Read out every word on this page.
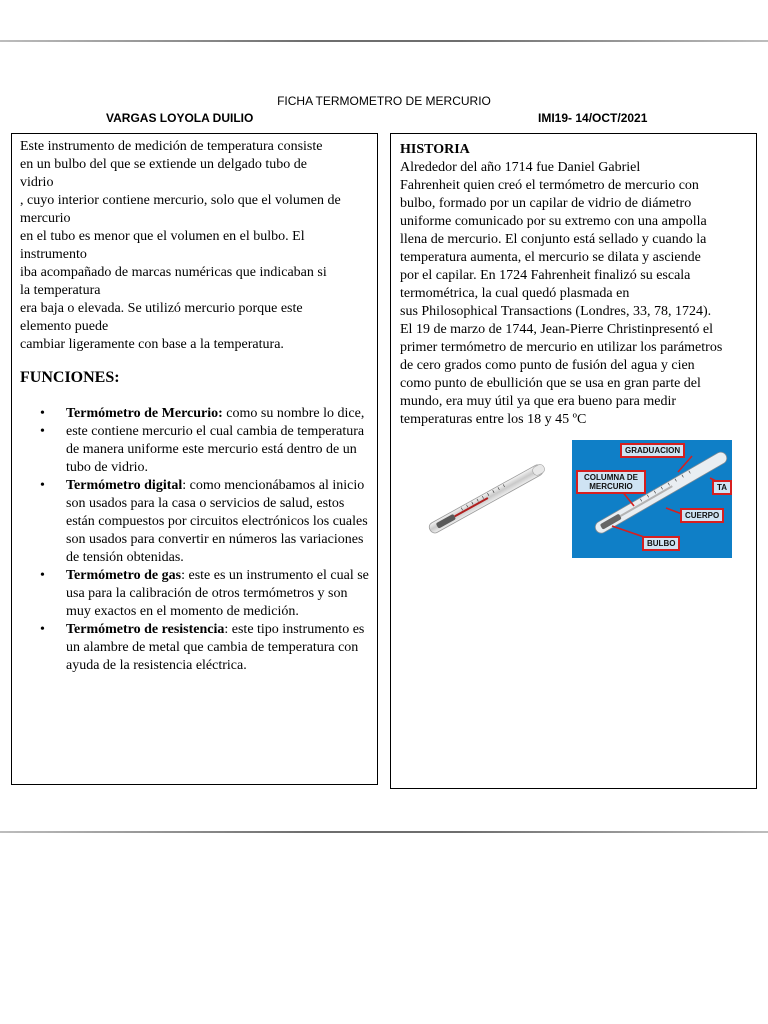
FICHA TERMOMETRO DE MERCURIO
VARGAS LOYOLA DUILIO	IMI19- 14/OCT/2021
Este instrumento de medición de temperatura consiste
en un bulbo del que se extiende un delgado tubo de
vidrio
, cuyo interior contiene mercurio, solo que el volumen de
mercurio
en el tubo es menor que el volumen en el bulbo. El
instrumento
iba acompañado de marcas numéricas que indicaban si
la temperatura
era baja o elevada. Se utilizó mercurio porque este
elemento puede
cambiar ligeramente con base a la temperatura.
FUNCIONES:
• Termómetro de Mercurio: como su nombre lo dice,
• este contiene mercurio el cual cambia de temperatura de manera uniforme este mercurio está dentro de un tubo de vidrio.
• Termómetro digital: como mencionábamos al inicio son usados para la casa o servicios de salud, estos están compuestos por circuitos electrónicos los cuales son usados para convertir en números las variaciones de tensión obtenidas.
• Termómetro de gas: este es un instrumento el cual se usa para la calibración de otros termómetros y son muy exactos en el momento de medición.
• Termómetro de resistencia: este tipo instrumento es un alambre de metal que cambia de temperatura con ayuda de la resistencia eléctrica.
HISTORIA
Alrededor del año 1714 fue Daniel Gabriel
Fahrenheit quien creó el termómetro de mercurio con
bulbo, formado por un capilar de vidrio de diámetro
uniforme comunicado por su extremo con una ampolla
llena de mercurio. El conjunto está sellado y cuando la
temperatura aumenta, el mercurio se dilata y asciende
por el capilar. En 1724 Fahrenheit finalizó su escala
termométrica, la cual quedó plasmada en
sus Philosophical Transactions (Londres, 33, 78, 1724).
El 19 de marzo de 1744, Jean-Pierre Christinpresentó el
primer termómetro de mercurio en utilizar los parámetros
de cero grados como punto de fusión del agua y cien
como punto de ebullición que se usa en gran parte del
mundo, era muy útil ya que era bueno para medir
temperaturas entre los 18 y 45 ºC
GRADUACION
COLUMNA DE MERCURIO	TA
CUERPO
BULBO
